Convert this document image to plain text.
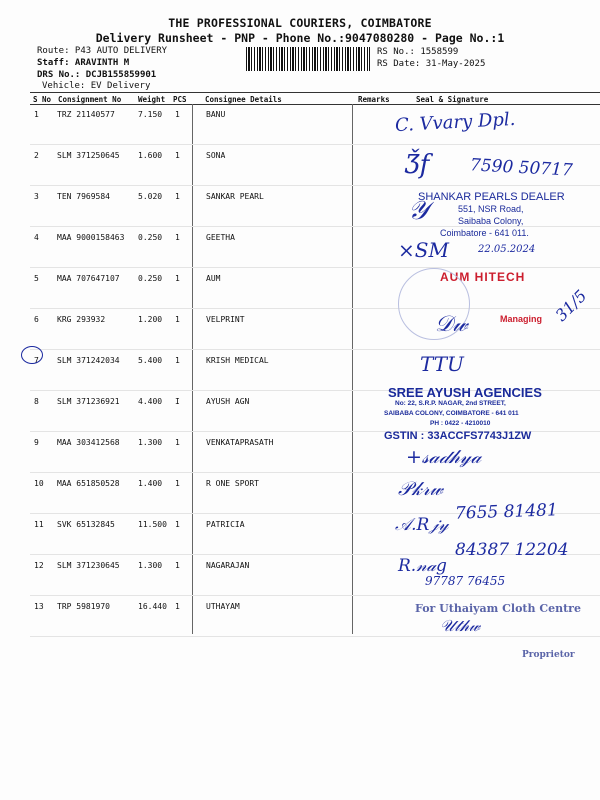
THE PROFESSIONAL COURIERS, COIMBATORE
Delivery Runsheet - PNP - Phone No.:9047080280 - Page No.:1
Route: P43 AUTO DELIVERY
Staff: ARAVINTH M
DRS No.: DCJB155859901
Vehicle: EV Delivery
RS No.: 1558599
RS Date: 31-May-2025
S No Consignment No Weight PCS Consignee Details	Remarks	Seal & Signature
1 TRZ 21140577	7.150 1	BANU
2 SLM 371250645 1.600 1	SONA
3 TEN 7969584	5.020 1	SANKAR PEARL
4 MAA 9000158463 0.250 1	GEETHA
5 MAA 707647107 0.250 1	AUM
6 KRG 293932	1.200 1	VELPRINT
7 SLM 371242034 5.400 1	KRISH MEDICAL
8 SLM 371236921 4.400 I	AYUSH AGN
9 MAA 303412568 1.300 1	VENKATAPRASATH
10 MAA 651850528 1.400 1	R ONE SPORT
11 SVK 65132845	11.500 1	PATRICIA
12 SLM 371230645 1.300 1	NAGARAJAN
13 TRP 5981970	16.440 1	UTHAYAM
C. Vvary Dpl.
Ǯf 7590 50717
SHANKAR PEARLS DEALER
551, NSR Road,
Saibaba Colony,
Coimbatore - 641 011.
𝒴
×SM	22.05.2024
AUM HITECH
𝒟𝓌	Managing 31/5
TTU
SREE AYUSH AGENCIES
No: 22, S.R.P. NAGAR, 2nd STREET,
SAIBABA COLONY, COIMBATORE - 641 011
PH : 0422 - 4210010
GSTIN : 33ACCFS7743J1ZW
+𝓈𝒶𝒹𝒽𝓎𝒶
𝒫𝓀𝓇𝓌
𝒜.𝑅𝒿𝓎
7655 81481
84387 12204
𝑅.𝓃𝒶𝑔
97787 76455
For Uthaiyam Cloth Centre
𝒰𝓉𝒽𝓌
Proprietor
